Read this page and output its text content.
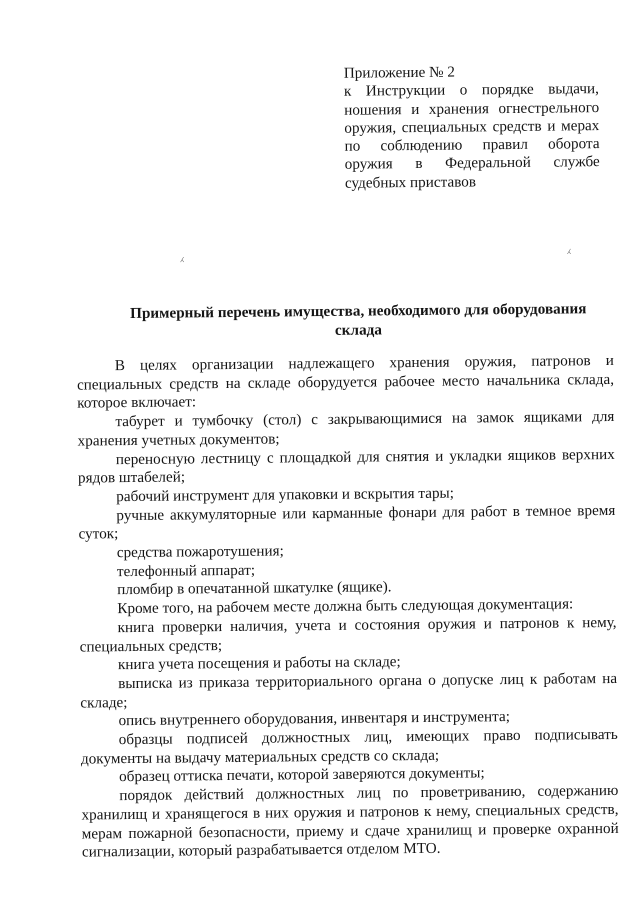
Приложение № 2

к Инструкции о порядке выдачи,

ношения и хранения огнестрельного

оружия, специальных средств и мерах

по соблюдению правил оборота

оружия в Федеральной службе

судебных приставов

⁁
⁁
Примерный перечень имущества, необходимого для оборудования склада

В целях организации надлежащего хранения оружия, патронов и специальных средств на складе оборудуется рабочее место начальника склада, которое включает:

табурет и тумбочку (стол) с закрывающимися на замок ящиками для хранения учетных документов;

переносную лестницу с площадкой для снятия и укладки ящиков верхних рядов штабелей;

рабочий инструмент для упаковки и вскрытия тары;

ручные аккумуляторные или карманные фонари для работ в темное время суток;

средства пожаротушения;

телефонный аппарат;

пломбир в опечатанной шкатулке (ящике).

Кроме того, на рабочем месте должна быть следующая документация:

книга проверки наличия, учета и состояния оружия и патронов к нему, специальных средств;

книга учета посещения и работы на складе;

выписка из приказа территориального органа о допуске лиц к работам на складе;

опись внутреннего оборудования, инвентаря и инструмента;

образцы подписей должностных лиц, имеющих право подписывать документы на выдачу материальных средств со склада;

образец оттиска печати, которой заверяются документы;

порядок действий должностных лиц по проветриванию, содержанию хранилищ и хранящегося в них оружия и патронов к нему, специальных средств, мерам пожарной безопасности, приему и сдаче хранилищ и проверке охранной сигнализации, который разрабатывается отделом МТО.
